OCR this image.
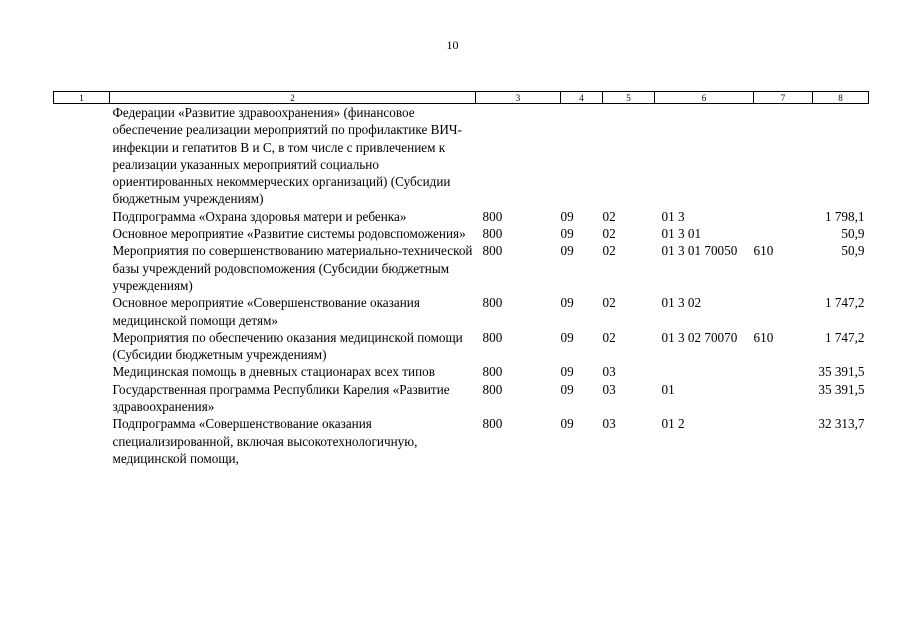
10
1	2	3	4	5	6	7	8
	Федерации «Развитие здравоохранения» (финансовое обеспечение реализации мероприятий по профилактике ВИЧ-инфекции и гепатитов В и С, в том числе с привлечением к реализации указанных мероприятий социально ориентированных некоммерческих организаций) (Субсидии бюджетным учреждениям)						
	Подпрограмма «Охрана здоровья матери и ребенка»	800	09	02	01 3		1 798,1
	Основное мероприятие «Развитие системы родовспоможения»	800	09	02	01 3 01		50,9
	Мероприятия по совершенствованию материально-технической базы учреждений родовспоможения (Субсидии бюджетным учреждениям)	800	09	02	01 3 01 70050	610	50,9
	Основное мероприятие «Совершенствование оказания медицинской помощи детям»	800	09	02	01 3 02		1 747,2
	Мероприятия по обеспечению оказания медицинской помощи (Субсидии бюджетным учреждениям)	800	09	02	01 3 02 70070	610	1 747,2
	Медицинская помощь в дневных стационарах всех типов	800	09	03			35 391,5
	Государственная программа Республики Карелия «Развитие здравоохранения»	800	09	03	01		35 391,5
	Подпрограмма «Совершенствование оказания специализированной, включая высокотехнологичную, медицинской помощи,	800	09	03	01 2		32 313,7
